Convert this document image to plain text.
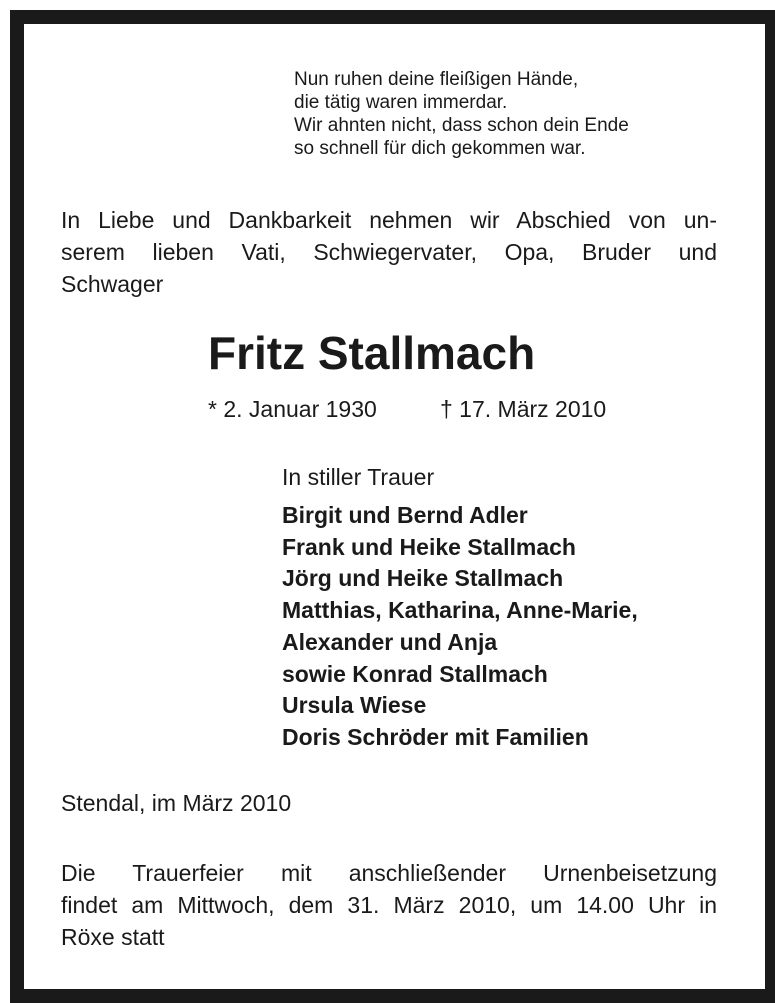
Nun ruhen deine fleißigen Hände,
die tätig waren immerdar.
Wir ahnten nicht, dass schon dein Ende
so schnell für dich gekommen war.
In Liebe und Dankbarkeit nehmen wir Abschied von un-
serem lieben Vati, Schwiegervater, Opa, Bruder und
Schwager
Fritz Stallmach
* 2. Januar 1930	† 17. März 2010
In stiller Trauer
Birgit und Bernd Adler
Frank und Heike Stallmach
Jörg und Heike Stallmach
Matthias, Katharina, Anne-Marie,
Alexander und Anja
sowie Konrad Stallmach
Ursula Wiese
Doris Schröder mit Familien
Stendal, im März 2010
Die Trauerfeier mit anschließender Urnenbeisetzung
findet am Mittwoch, dem 31. März 2010, um 14.00 Uhr in
Röxe statt
